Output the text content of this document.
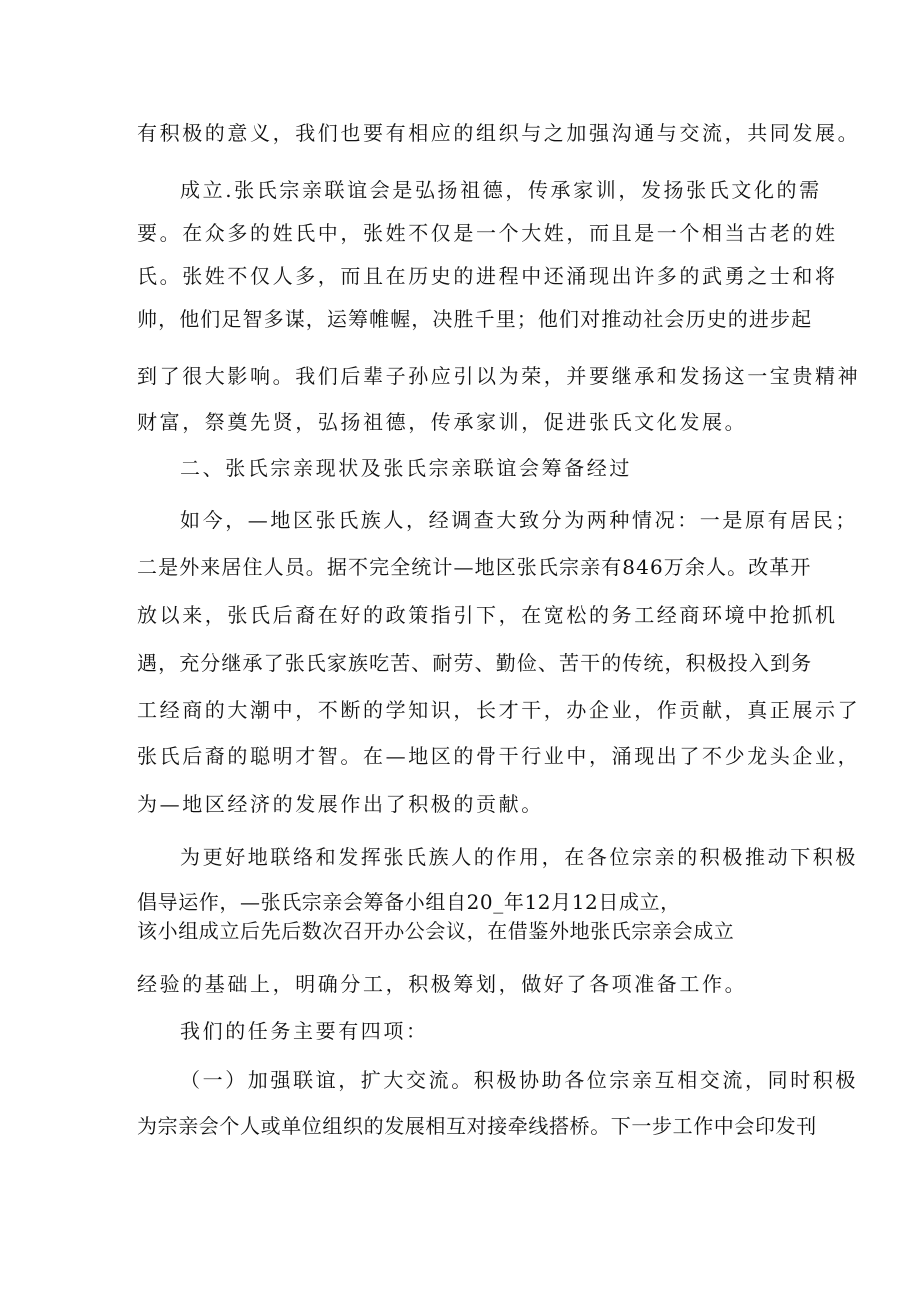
有积极的意义，我们也要有相应的组织与之加强沟通与交流，共同发展。
成立.张氏宗亲联谊会是弘扬祖德，传承家训，发扬张氏文化的需
要。在众多的姓氏中，张姓不仅是一个大姓，而且是一个相当古老的姓
氏。张姓不仅人多，而且在历史的进程中还涌现出许多的武勇之士和将
帅，他们足智多谋，运筹帷幄，决胜千里；他们对推动社会历史的进步起
到了很大影响。我们后辈子孙应引以为荣，并要继承和发扬这一宝贵精神
财富，祭奠先贤，弘扬祖德，传承家训，促进张氏文化发展。
二、张氏宗亲现状及张氏宗亲联谊会筹备经过
如今，—地区张氏族人，经调查大致分为两种情况：一是原有居民；
二是外来居住人员。据不完全统计—地区张氏宗亲有846万余人。改革开
放以来，张氏后裔在好的政策指引下，在宽松的务工经商环境中抢抓机
遇，充分继承了张氏家族吃苦、耐劳、勤俭、苦干的传统，积极投入到务
工经商的大潮中，不断的学知识，长才干，办企业，作贡献，真正展示了
张氏后裔的聪明才智。在—地区的骨干行业中，涌现出了不少龙头企业，
为—地区经济的发展作出了积极的贡献。
为更好地联络和发挥张氏族人的作用，在各位宗亲的积极推动下积极
倡导运作，—张氏宗亲会筹备小组自20_年12月12日成立，
该小组成立后先后数次召开办公会议，在借鉴外地张氏宗亲会成立
经验的基础上，明确分工，积极筹划，做好了各项准备工作。
我们的任务主要有四项：
（一）加强联谊，扩大交流。积极协助各位宗亲互相交流，同时积极
为宗亲会个人或单位组织的发展相互对接牵线搭桥。下一步工作中会印发刊
